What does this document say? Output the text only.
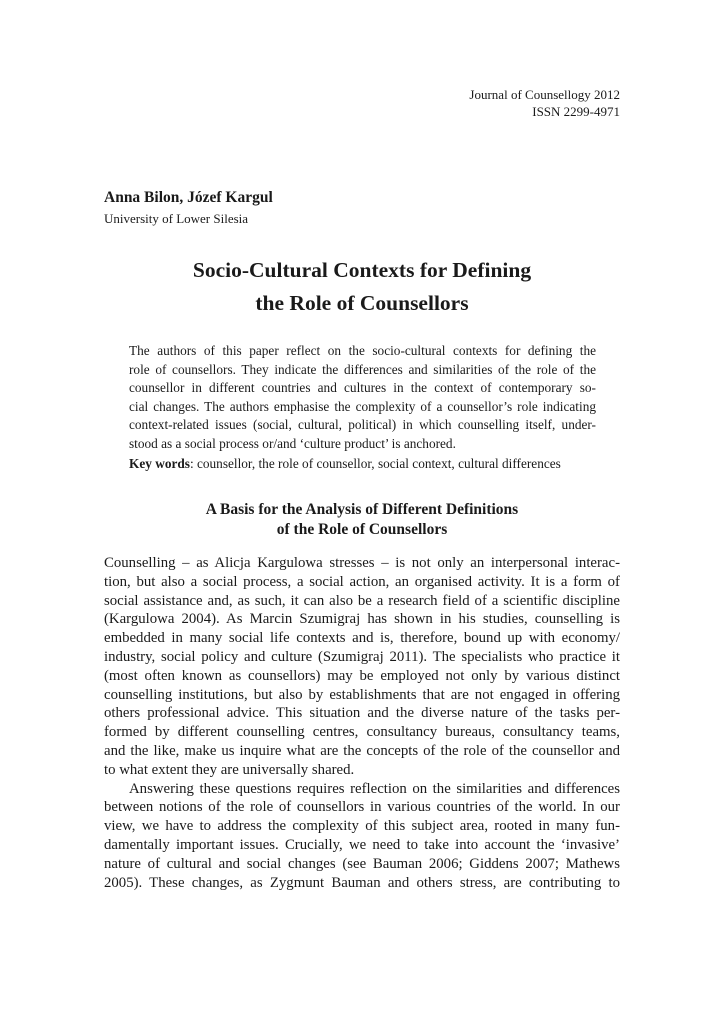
Journal of Counsellogy 2012
ISSN 2299-4971
Anna Bilon, Józef Kargul
University of Lower Silesia
Socio-Cultural Contexts for Defining
the Role of Counsellors
The authors of this paper reflect on the socio-cultural contexts for defining the
role of counsellors. They indicate the differences and similarities of the role of the
counsellor in different countries and cultures in the context of contemporary so-
cial changes. The authors emphasise the complexity of a counsellor’s role indicating
context-related issues (social, cultural, political) in which counselling itself, under-
stood as a social process or/and ‘culture product’ is anchored.
Key words: counsellor, the role of counsellor, social context, cultural differences
A Basis for the Analysis of Different Definitions
of the Role of Counsellors
Counselling – as Alicja Kargulowa stresses – is not only an interpersonal interac-
tion, but also a social process, a social action, an organised activity. It is a form of
social assistance and, as such, it can also be a research field of a scientific discipline
(Kargulowa 2004). As Marcin Szumigraj has shown in his studies, counselling is
embedded in many social life contexts and is, therefore, bound up with economy/
industry, social policy and culture (Szumigraj 2011). The specialists who practice it
(most often known as counsellors) may be employed not only by various distinct
counselling institutions, but also by establishments that are not engaged in offering
others professional advice. This situation and the diverse nature of the tasks per-
formed by different counselling centres, consultancy bureaus, consultancy teams,
and the like, make us inquire what are the concepts of the role of the counsellor and
to what extent they are universally shared.
Answering these questions requires reflection on the similarities and differences
between notions of the role of counsellors in various countries of the world. In our
view, we have to address the complexity of this subject area, rooted in many fun-
damentally important issues. Crucially, we need to take into account the ‘invasive’
nature of cultural and social changes (see Bauman 2006; Giddens 2007; Mathews
2005). These changes, as Zygmunt Bauman and others stress, are contributing to
